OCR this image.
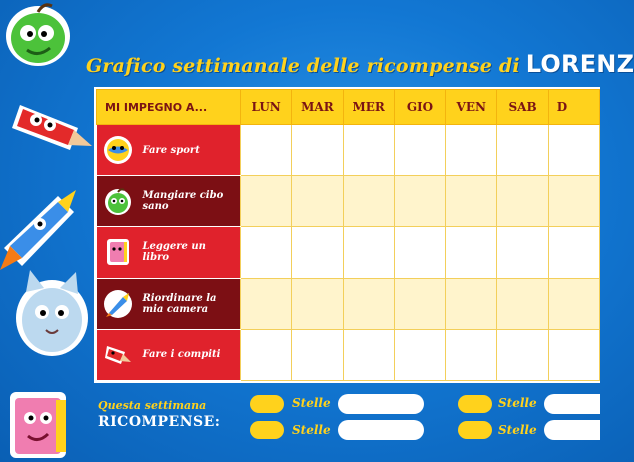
Grafico settimanale delle ricompense di LORENZ
MI IMPEGNO A...	LUN	MAR	MER	GIO	VEN	SAB	D

Fare sport							

Mangiare cibo sano							

Leggere un libro							

Riordinare la mia camera							

Fare i compiti							

Questa settimana
RICOMPENSE:
Stelle
Stelle
Stelle
Stelle
